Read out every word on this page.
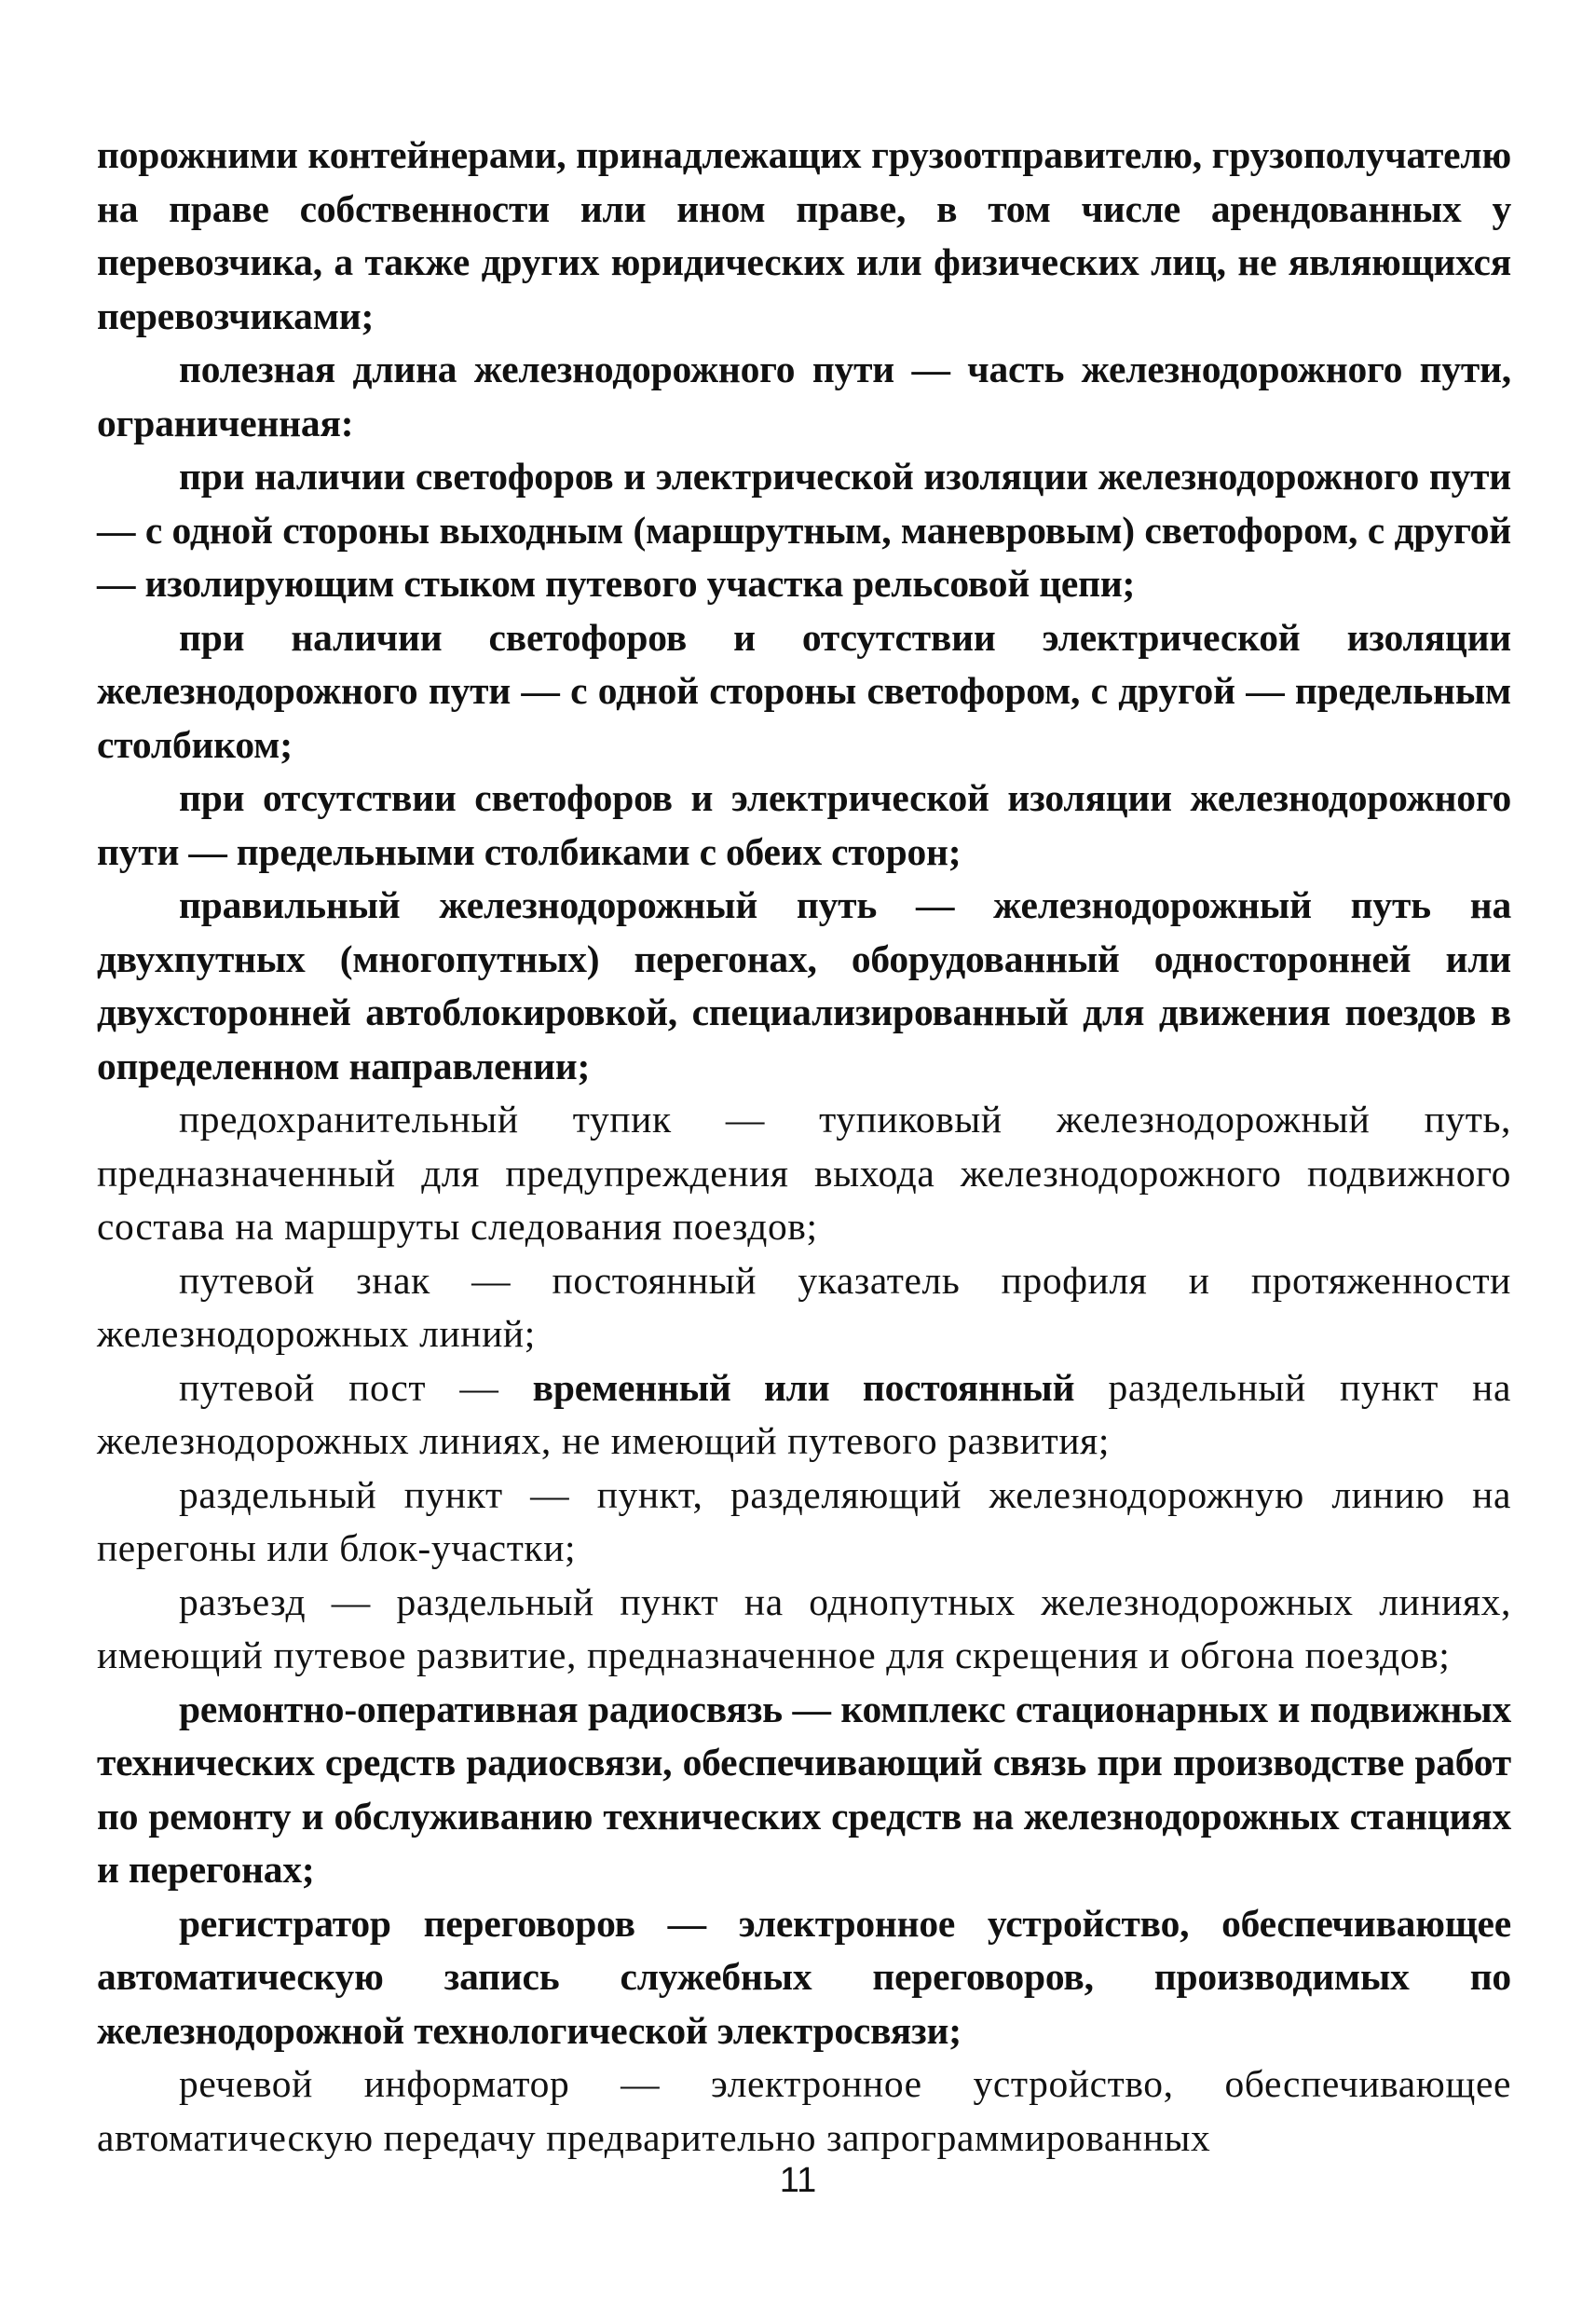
порожними контейнерами, принадлежащих грузоотправителю, грузополучателю на праве собственности или ином праве, в том числе арендованных у перевозчика, а также других юридических или физических лиц, не являющихся перевозчиками;

полезная длина железнодорожного пути — часть железнодорожного пути, ограниченная:

при наличии светофоров и электрической изоляции железнодорожного пути — с одной стороны выходным (маршрутным, маневровым) светофором, с другой — изолирующим стыком путевого участка рельсовой цепи;

при наличии светофоров и отсутствии электрической изоляции железнодорожного пути — с одной стороны светофором, с другой — предельным столбиком;

при отсутствии светофоров и электрической изоляции железнодорожного пути — предельными столбиками с обеих сторон;

правильный железнодорожный путь — железнодорожный путь на двухпутных (многопутных) перегонах, оборудованный односторонней или двухсторонней автоблокировкой, специализированный для движения поездов в определенном направлении;

предохранительный тупик — тупиковый железнодорожный путь, предназначенный для предупреждения выхода железнодорожного подвижного состава на маршруты следования поездов;

путевой знак — постоянный указатель профиля и протяженности железнодорожных линий;

путевой пост — временный или постоянный раздельный пункт на железнодорожных линиях, не имеющий путевого развития;

раздельный пункт — пункт, разделяющий железнодорожную линию на перегоны или блок-участки;

разъезд — раздельный пункт на однопутных железнодорожных линиях, имеющий путевое развитие, предназначенное для скрещения и обгона поездов;

ремонтно-оперативная радиосвязь — комплекс стационарных и подвижных технических средств радиосвязи, обеспечивающий связь при производстве работ по ремонту и обслуживанию технических средств на железнодорожных станциях и перегонах;

регистратор переговоров — электронное устройство, обеспечивающее автоматическую запись служебных переговоров, производимых по железнодорожной технологической электросвязи;

речевой информатор — электронное устройство, обеспечивающее автоматическую передачу предварительно запрограммированных

11
